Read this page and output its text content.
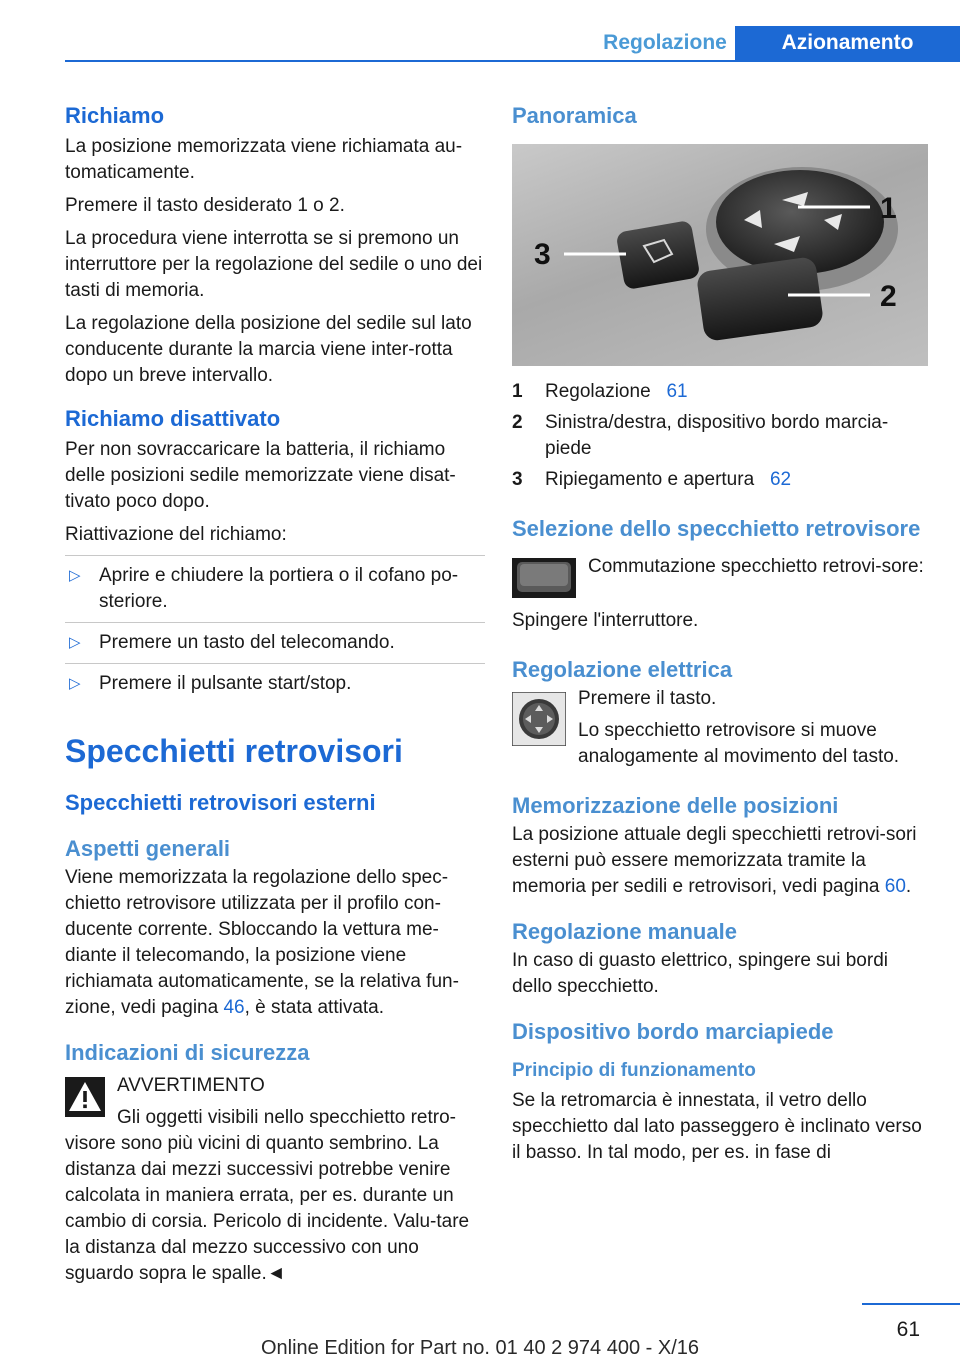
Regolazione	Azionamento
Richiamo

La posizione memorizzata viene richiamata au‐tomaticamente.

Premere il tasto desiderato 1 o 2.

La procedura viene interrotta se si premono un interruttore per la regolazione del sedile o uno dei tasti di memoria.

La regolazione della posizione del sedile sul lato conducente durante la marcia viene inter‐rotta dopo un breve intervallo.

Richiamo disattivato

Per non sovraccaricare la batteria, il richiamo delle posizioni sedile memorizzate viene disat‐tivato poco dopo.

Riattivazione del richiamo:

▷ Aprire e chiudere la portiera o il cofano po‐steriore.
▷ Premere un tasto del telecomando.
▷ Premere il pulsante start/stop.
Specchietti retrovisori
Specchietti retrovisori esterni
Aspetti generali

Viene memorizzata la regolazione dello spec‐chietto retrovisore utilizzata per il profilo con‐ducente corrente. Sbloccando la vettura me‐diante il telecomando, la posizione viene richiamata automaticamente, se la relativa fun‐zione, vedi pagina 46, è stata attivata.

Indicazioni di sicurezza

AVVERTIMENTO

Gli oggetti visibili nello specchietto retro‐visore sono più vicini di quanto sembrino. La distanza dai mezzi successivi potrebbe venire calcolata in maniera errata, per es. durante un cambio di corsia. Pericolo di incidente. Valu‐tare la distanza dal mezzo successivo con uno sguardo sopra le spalle.◄

Panoramica
1
2
3
1 Regolazione 61
2 Sinistra/destra, dispositivo bordo marcia‐piede
3 Ripiegamento e apertura 62
Selezione dello specchietto retrovisore

Commutazione specchietto retrovi‐sore:

Spingere l'interruttore.

Regolazione elettrica

Premere il tasto.

Lo specchietto retrovisore si muove analogamente al movimento del tasto.

Memorizzazione delle posizioni

La posizione attuale degli specchietti retrovi‐sori esterni può essere memorizzata tramite la memoria per sedili e retrovisori, vedi pagina 60.

Regolazione manuale

In caso di guasto elettrico, spingere sui bordi dello specchietto.

Dispositivo bordo marciapiede
Principio di funzionamento

Se la retromarcia è innestata, il vetro dello specchietto dal lato passeggero è inclinato verso il basso. In tal modo, per es. in fase di

61
Online Edition for Part no. 01 40 2 974 400 - X/16
